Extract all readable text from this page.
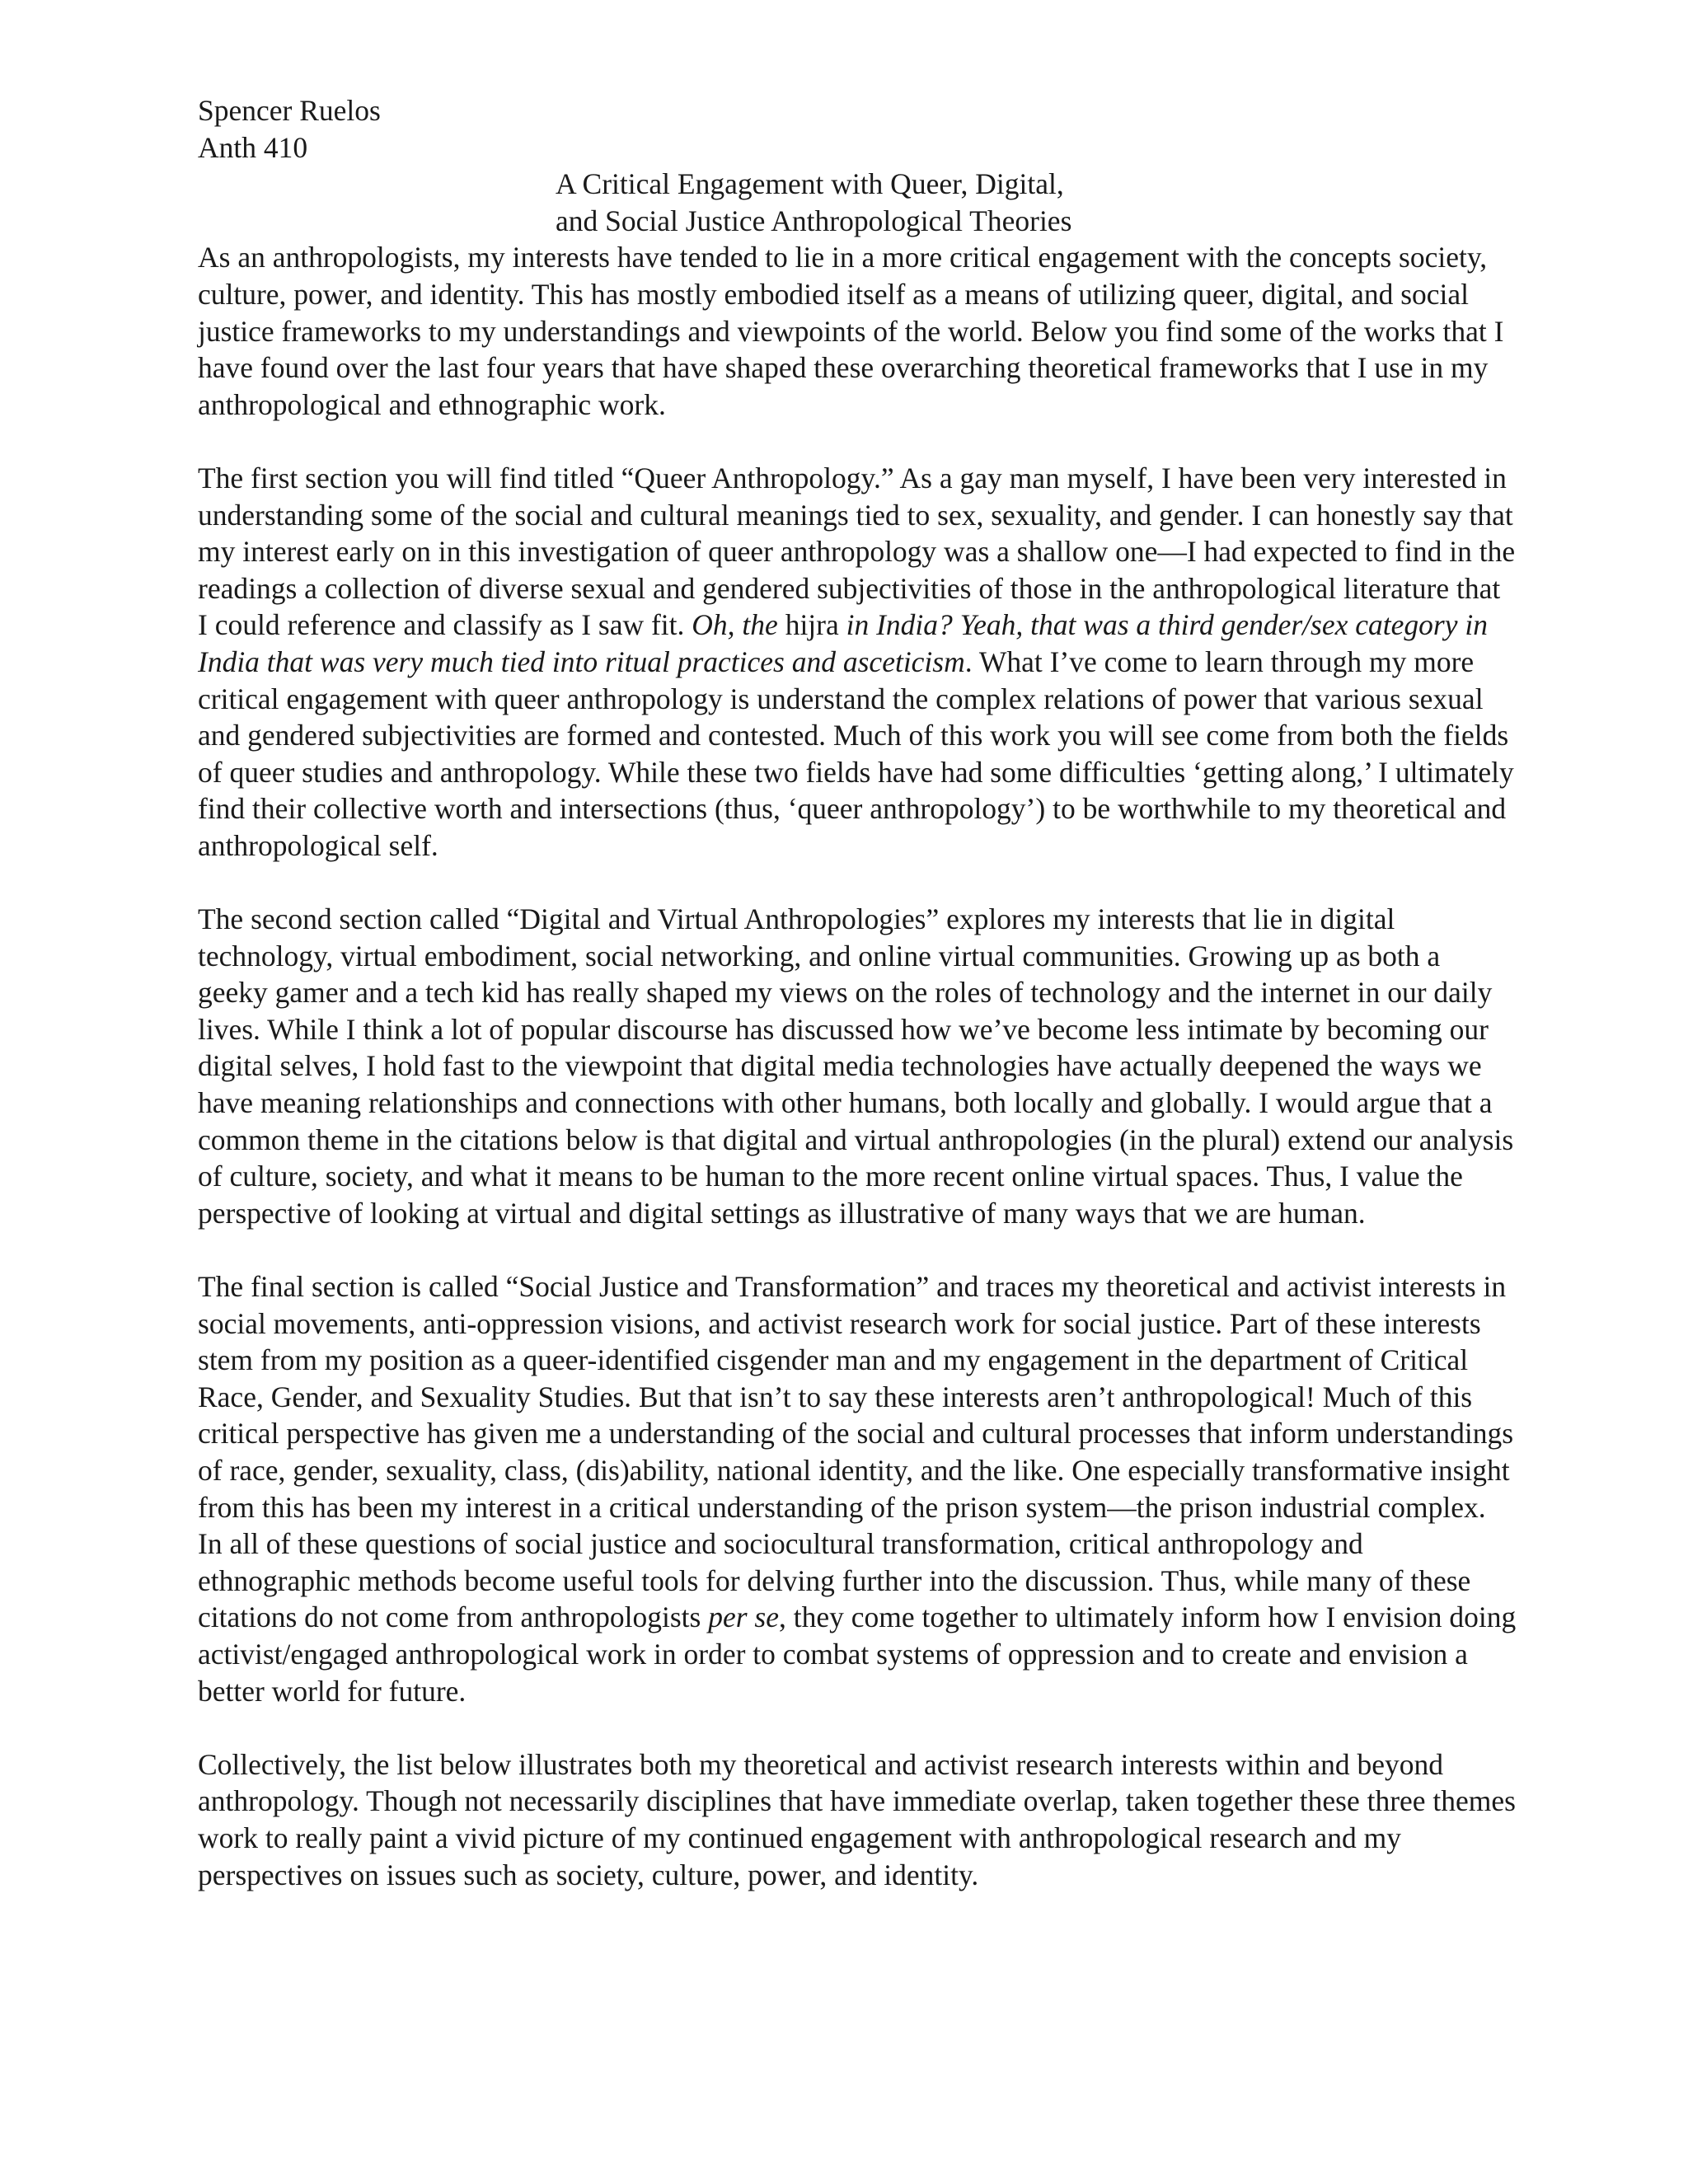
Spencer Ruelos
Anth 410
A Critical Engagement with Queer, Digital,
and Social Justice Anthropological Theories

As an anthropologists, my interests have tended to lie in a more critical engagement with the concepts society, culture, power, and identity. This has mostly embodied itself as a means of utilizing queer, digital, and social justice frameworks to my understandings and viewpoints of the world. Below you find some of the works that I have found over the last four years that have shaped these overarching theoretical frameworks that I use in my anthropological and ethnographic work.

The first section you will find titled “Queer Anthropology.” As a gay man myself, I have been very interested in understanding some of the social and cultural meanings tied to sex, sexuality, and gender. I can honestly say that my interest early on in this investigation of queer anthropology was a shallow one—I had expected to find in the readings a collection of diverse sexual and gendered subjectivities of those in the anthropological literature that I could reference and classify as I saw fit. Oh, the hijra in India? Yeah, that was a third gender/sex category in India that was very much tied into ritual practices and asceticism. What I’ve come to learn through my more critical engagement with queer anthropology is understand the complex relations of power that various sexual and gendered subjectivities are formed and contested. Much of this work you will see come from both the fields of queer studies and anthropology. While these two fields have had some difficulties ‘getting along,’ I ultimately find their collective worth and intersections (thus, ‘queer anthropology’) to be worthwhile to my theoretical and anthropological self.

The second section called “Digital and Virtual Anthropologies” explores my interests that lie in digital technology, virtual embodiment, social networking, and online virtual communities. Growing up as both a geeky gamer and a tech kid has really shaped my views on the roles of technology and the internet in our daily lives. While I think a lot of popular discourse has discussed how we’ve become less intimate by becoming our digital selves, I hold fast to the viewpoint that digital media technologies have actually deepened the ways we have meaning relationships and connections with other humans, both locally and globally. I would argue that a common theme in the citations below is that digital and virtual anthropologies (in the plural) extend our analysis of culture, society, and what it means to be human to the more recent online virtual spaces. Thus, I value the perspective of looking at virtual and digital settings as illustrative of many ways that we are human.

The final section is called “Social Justice and Transformation” and traces my theoretical and activist interests in social movements, anti-oppression visions, and activist research work for social justice. Part of these interests stem from my position as a queer-identified cisgender man and my engagement in the department of Critical Race, Gender, and Sexuality Studies. But that isn’t to say these interests aren’t anthropological! Much of this critical perspective has given me a understanding of the social and cultural processes that inform understandings of race, gender, sexuality, class, (dis)ability, national identity, and the like. One especially transformative insight from this has been my interest in a critical understanding of the prison system—the prison industrial complex. In all of these questions of social justice and sociocultural transformation, critical anthropology and ethnographic methods become useful tools for delving further into the discussion. Thus, while many of these citations do not come from anthropologists per se, they come together to ultimately inform how I envision doing activist/engaged anthropological work in order to combat systems of oppression and to create and envision a better world for future.

Collectively, the list below illustrates both my theoretical and activist research interests within and beyond anthropology. Though not necessarily disciplines that have immediate overlap, taken together these three themes work to really paint a vivid picture of my continued engagement with anthropological research and my perspectives on issues such as society, culture, power, and identity.
